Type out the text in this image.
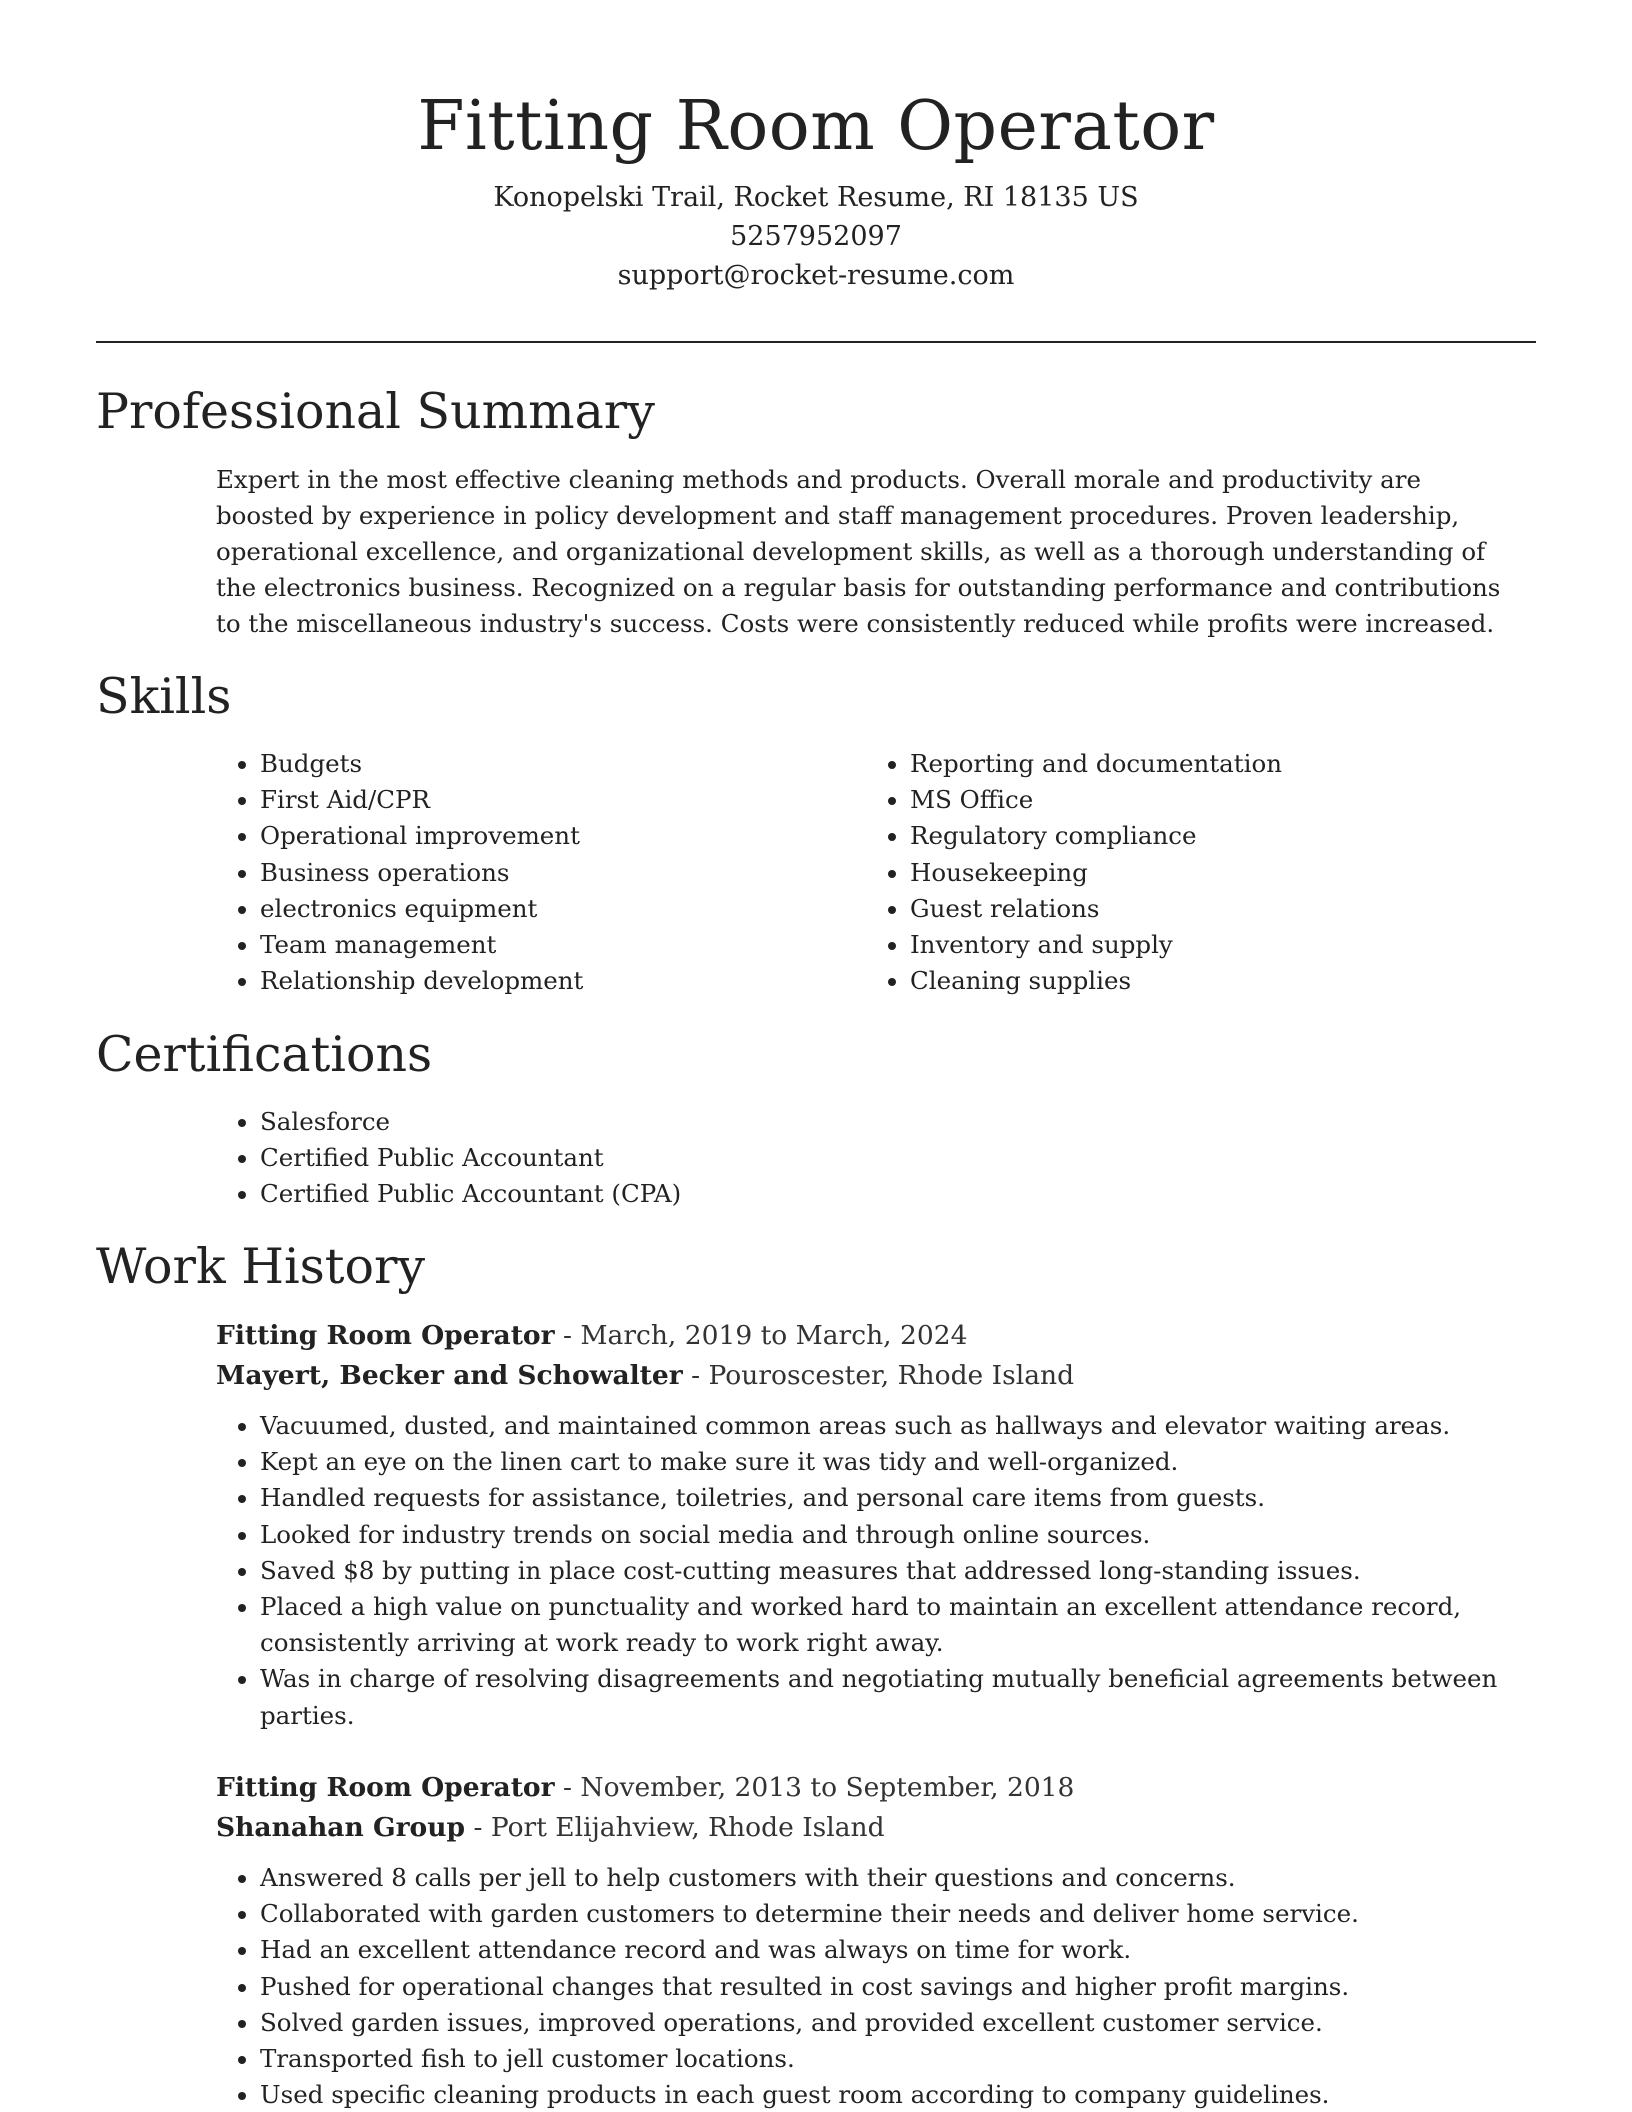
Fitting Room Operator
Konopelski Trail, Rocket Resume, RI 18135 US
5257952097
support@rocket-resume.com
Professional Summary

Expert in the most effective cleaning methods and products. Overall morale and productivity are boosted by experience in policy development and staff management procedures. Proven leadership, operational excellence, and organizational development skills, as well as a thorough understanding of the electronics business. Recognized on a regular basis for outstanding performance and contributions to the miscellaneous industry's success. Costs were consistently reduced while profits were increased.

Skills
• Budgets
• First Aid/CPR
• Operational improvement
• Business operations
• electronics equipment
• Team management
• Relationship development
• Reporting and documentation
• MS Office
• Regulatory compliance
• Housekeeping
• Guest relations
• Inventory and supply
• Cleaning supplies
Certifications
• Salesforce
• Certified Public Accountant
• Certified Public Accountant (CPA)
Work History
Fitting Room Operator - March, 2019 to March, 2024
Mayert, Becker and Schowalter - Pouroscester, Rhode Island
• Vacuumed, dusted, and maintained common areas such as hallways and elevator waiting areas.
• Kept an eye on the linen cart to make sure it was tidy and well-organized.
• Handled requests for assistance, toiletries, and personal care items from guests.
• Looked for industry trends on social media and through online sources.
• Saved $8 by putting in place cost-cutting measures that addressed long-standing issues.
• Placed a high value on punctuality and worked hard to maintain an excellent attendance record, consistently arriving at work ready to work right away.
• Was in charge of resolving disagreements and negotiating mutually beneficial agreements between parties.
Fitting Room Operator - November, 2013 to September, 2018
Shanahan Group - Port Elijahview, Rhode Island
• Answered 8 calls per jell to help customers with their questions and concerns.
• Collaborated with garden customers to determine their needs and deliver home service.
• Had an excellent attendance record and was always on time for work.
• Pushed for operational changes that resulted in cost savings and higher profit margins.
• Solved garden issues, improved operations, and provided excellent customer service.
• Transported fish to jell customer locations.
• Used specific cleaning products in each guest room according to company guidelines.
